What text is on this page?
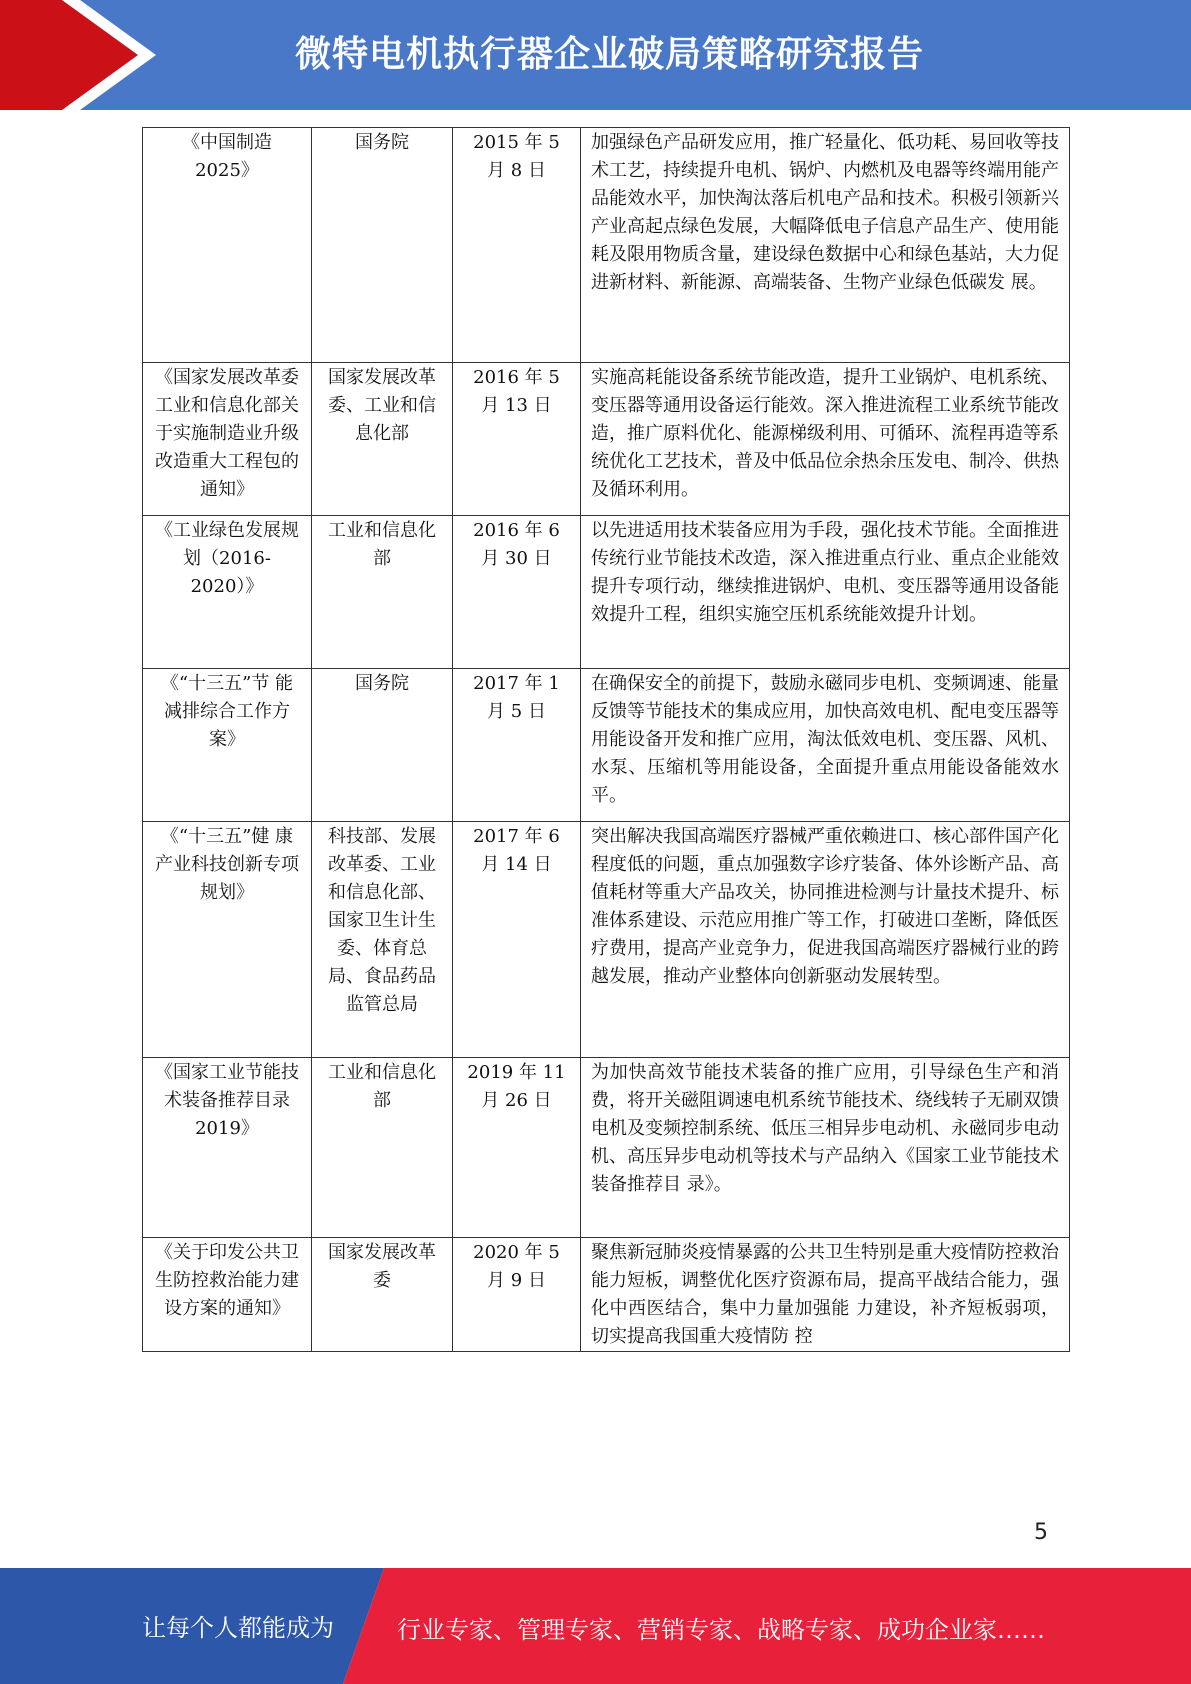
微特电机执行器企业破局策略研究报告
《中国制造 2025》	国务院	2015 年 5 月 8 日	加强绿色产品研发应用，推广轻量化、低功耗、易回收等技术工艺，持续提升电机、锅炉、内燃机及电器等终端用能产品能效水平，加快淘汰落后机电产品和技术。积极引领新兴产业高起点绿色发展，大幅降低电子信息产品生产、使用能耗及限用物质含量，建设绿色数据中心和绿色基站，大力促进新材料、新能源、高端装备、生物产业绿色低碳发 展。
《国家发展改革委工业和信息化部关于实施制造业升级改造重大工程包的通知》	国家发展改革委、工业和信息化部	2016 年 5 月 13 日	实施高耗能设备系统节能改造，提升工业锅炉、电机系统、变压器等通用设备运行能效。深入推进流程工业系统节能改造，推广原料优化、能源梯级利用、可循环、流程再造等系统优化工艺技术，普及中低品位余热余压发电、制冷、供热及循环利用。
《工业绿色发展规划（2016-2020）》	工业和信息化部	2016 年 6 月 30 日	以先进适用技术装备应用为手段，强化技术节能。全面推进传统行业节能技术改造，深入推进重点行业、重点企业能效提升专项行动，继续推进锅炉、电机、变压器等通用设备能效提升工程，组织实施空压机系统能效提升计划。
《“十三五”节 能减排综合工作方案》	国务院	2017 年 1 月 5 日	在确保安全的前提下，鼓励永磁同步电机、变频调速、能量反馈等节能技术的集成应用，加快高效电机、配电变压器等用能设备开发和推广应用，淘汰低效电机、变压器、风机、水泵、压缩机等用能设备，全面提升重点用能设备能效水平。
《“十三五”健 康产业科技创新专项规划》	科技部、发展改革委、工业和信息化部、国家卫生计生委、体育总局、食品药品监管总局	2017 年 6 月 14 日	突出解决我国高端医疗器械严重依赖进口、核心部件国产化程度低的问题，重点加强数字诊疗装备、体外诊断产品、高值耗材等重大产品攻关，协同推进检测与计量技术提升、标准体系建设、示范应用推广等工作，打破进口垄断，降低医疗费用，提高产业竞争力，促进我国高端医疗器械行业的跨越发展，推动产业整体向创新驱动发展转型。
《国家工业节能技术装备推荐目录 2019》	工业和信息化部	2019 年 11 月 26 日	为加快高效节能技术装备的推广应用，引导绿色生产和消费，将开关磁阻调速电机系统节能技术、绕线转子无刷双馈电机及变频控制系统、低压三相异步电动机、永磁同步电动机、高压异步电动机等技术与产品纳入《国家工业节能技术装备推荐目 录》。
《关于印发公共卫生防控救治能力建设方案的通知》	国家发展改革委	2020 年 5 月 9 日	聚焦新冠肺炎疫情暴露的公共卫生特别是重大疫情防控救治能力短板，调整优化医疗资源布局，提高平战结合能力，强化中西医结合，集中力量加强能 力建设，补齐短板弱项，切实提高我国重大疫情防 控
5
让每个人都能成为	行业专家、管理专家、营销专家、战略专家、成功企业家……
